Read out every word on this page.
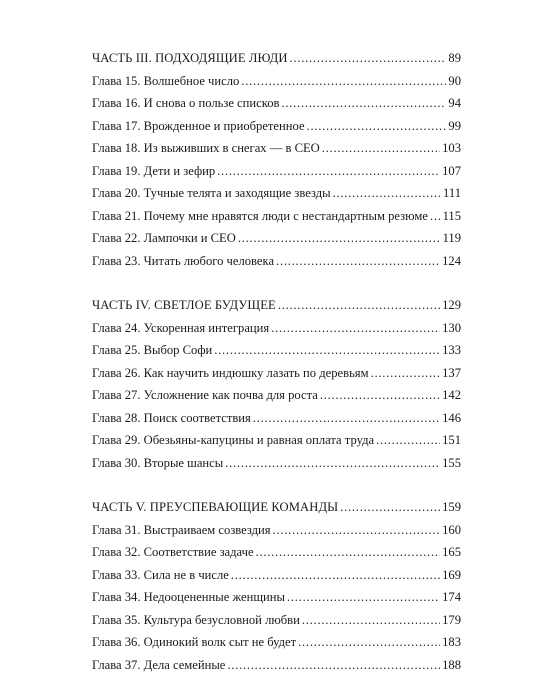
ЧАСТЬ III. ПОДХОДЯЩИЕ ЛЮДИ . . .	89
Глава 15. Волшебное число . . .	90
Глава 16. И снова о пользе списков . . .	94
Глава 17. Врожденное и приобретенное . . .	99
Глава 18. Из выживших в снегах — в CEO . . .	103
Глава 19. Дети и зефир . . .	107
Глава 20. Тучные телята и заходящие звезды . . .	111
Глава 21. Почему мне нравятся люди с нестандартным резюме . . . 115
Глава 22. Лампочки и CEO . . .	119
Глава 23. Читать любого человека . . .	124
ЧАСТЬ IV. СВЕТЛОЕ БУДУЩЕЕ . . .	129
Глава 24. Ускоренная интеграция . . .	130
Глава 25. Выбор Софи . . .	133
Глава 26. Как научить индюшку лазать по деревьям . . .	137
Глава 27. Усложнение как почва для роста . . .	142
Глава 28. Поиск соответствия . . .	146
Глава 29. Обезьяны-капуцины и равная оплата труда . . .	151
Глава 30. Вторые шансы . . .	155
ЧАСТЬ V. ПРЕУСПЕВАЮЩИЕ КОМАНДЫ . . .	159
Глава 31. Выстраиваем созвездия . . .	160
Глава 32. Соответствие задаче . . .	165
Глава 33. Сила не в числе . . .	169
Глава 34. Недооцененные женщины . . .	174
Глава 35. Культура безусловной любви . . .	179
Глава 36. Одинокий волк сыт не будет . . .	183
Глава 37. Дела семейные . . .	188
